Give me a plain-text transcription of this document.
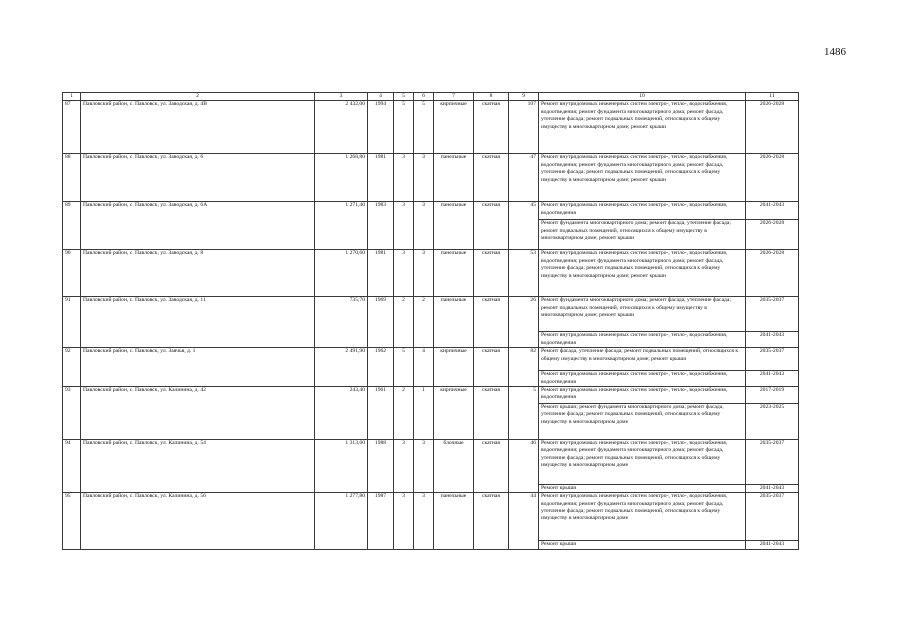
1486
1	2	3	4	5	6	7	8	9	10	11
87	Павловский район, с. Павловск, ул. Заводская, д. 4В	2 432,00	1994	5	5	кирпичные	скатная	107	Ремонт внутридомовых инженерных систем электро-, тепло-, водоснабжения, водоотведения; ремонт фундамента многоквартирного дома; ремонт фасада, утепление фасада; ремонт подвальных помещений, относящихся к общему имуществу в многоквартирном доме; ремонт крыши	2026-2028
88	Павловский район, с. Павловск, ул. Заводская, д. 6	1 268,80	1981	3	3	панельные	скатная	47	Ремонт внутридомовых инженерных систем электро-, тепло-, водоснабжения, водоотведения; ремонт фундамента многоквартирного дома; ремонт фасада, утепление фасада; ремонт подвальных помещений, относящихся к общему имуществу в многоквартирном доме; ремонт крыши	2026-2028
89	Павловский район, с. Павловск, ул. Заводская, д. 6А	1 271,40	1983	3	3	панельные	скатная	45	Ремонт внутридомовых инженерных систем электро-, тепло-, водоснабжения, водоотведения	2041-2043
									Ремонт фундамента многоквартирного дома; ремонт фасада, утепление фасада; ремонт подвальных помещений, относящихся к общему имуществу в многоквартирном доме; ремонт крыши	2026-2028
90	Павловский район, с. Павловск, ул. Заводская, д. 8	1 270,60	1981	3	3	панельные	скатная	53	Ремонт внутридомовых инженерных систем электро-, тепло-, водоснабжения, водоотведения; ремонт фундамента многоквартирного дома; ремонт фасада, утепление фасада; ремонт подвальных помещений, относящихся к общему имуществу в многоквартирном доме; ремонт крыши	2026-2028
91	Павловский район, с. Павловск, ул. Заводская, д. 11	735,70	1969	2	2	панельные	скатная	26	Ремонт фундамента многоквартирного дома; ремонт фасада, утепление фасада; ремонт подвальных помещений, относящихся к общему имуществу в многоквартирном доме; ремонт крыши	2035-2037
									Ремонт внутридомовых инженерных систем электро-, тепло-, водоснабжения, водоотведения	2041-2043
92	Павловский район, с. Павловск, ул. Заячья, д. 1	2 491,90	1962	5	4	кирпичные	скатная	82	Ремонт фасада, утепление фасада; ремонт подвальных помещений, относящихся к общему имуществу в многоквартирном доме; ремонт крыши	2035-2037
									Ремонт внутридомовых инженерных систем электро-, тепло-, водоснабжения, водоотведения	2041-2043
93	Павловский район, с. Павловск, ул. Калинина, д. 42	243,40	1961	2	1	кирпичные	скатная	5	Ремонт внутридомовых инженерных систем электро-, тепло-, водоснабжения, водоотведения	2017-2019
									Ремонт крыши; ремонт фундамента многоквартирного дома; ремонт фасада, утепление фасада; ремонт подвальных помещений, относящихся к общему имуществу в многоквартирном доме	2023-2025
94	Павловский район, с. Павловск, ул. Калинина, д. 54	1 313,60	1988	3	3	блочные	скатная	46	Ремонт внутридомовых инженерных систем электро-, тепло-, водоснабжения, водоотведения; ремонт фундамента многоквартирного дома; ремонт фасада, утепление фасада; ремонт подвальных помещений, относящихся к общему имуществу в многоквартирном доме	2035-2037
									Ремонт крыши	2041-2043
95	Павловский район, с. Павловск, ул. Калинина, д. 56	1 277,80	1987	3	3	панельные	скатная	44	Ремонт внутридомовых инженерных систем электро-, тепло-, водоснабжения, водоотведения; ремонт фундамента многоквартирного дома; ремонт фасада, утепление фасада; ремонт подвальных помещений, относящихся к общему имуществу в многоквартирном доме	2035-2037
									Ремонт крыши	2041-2043
